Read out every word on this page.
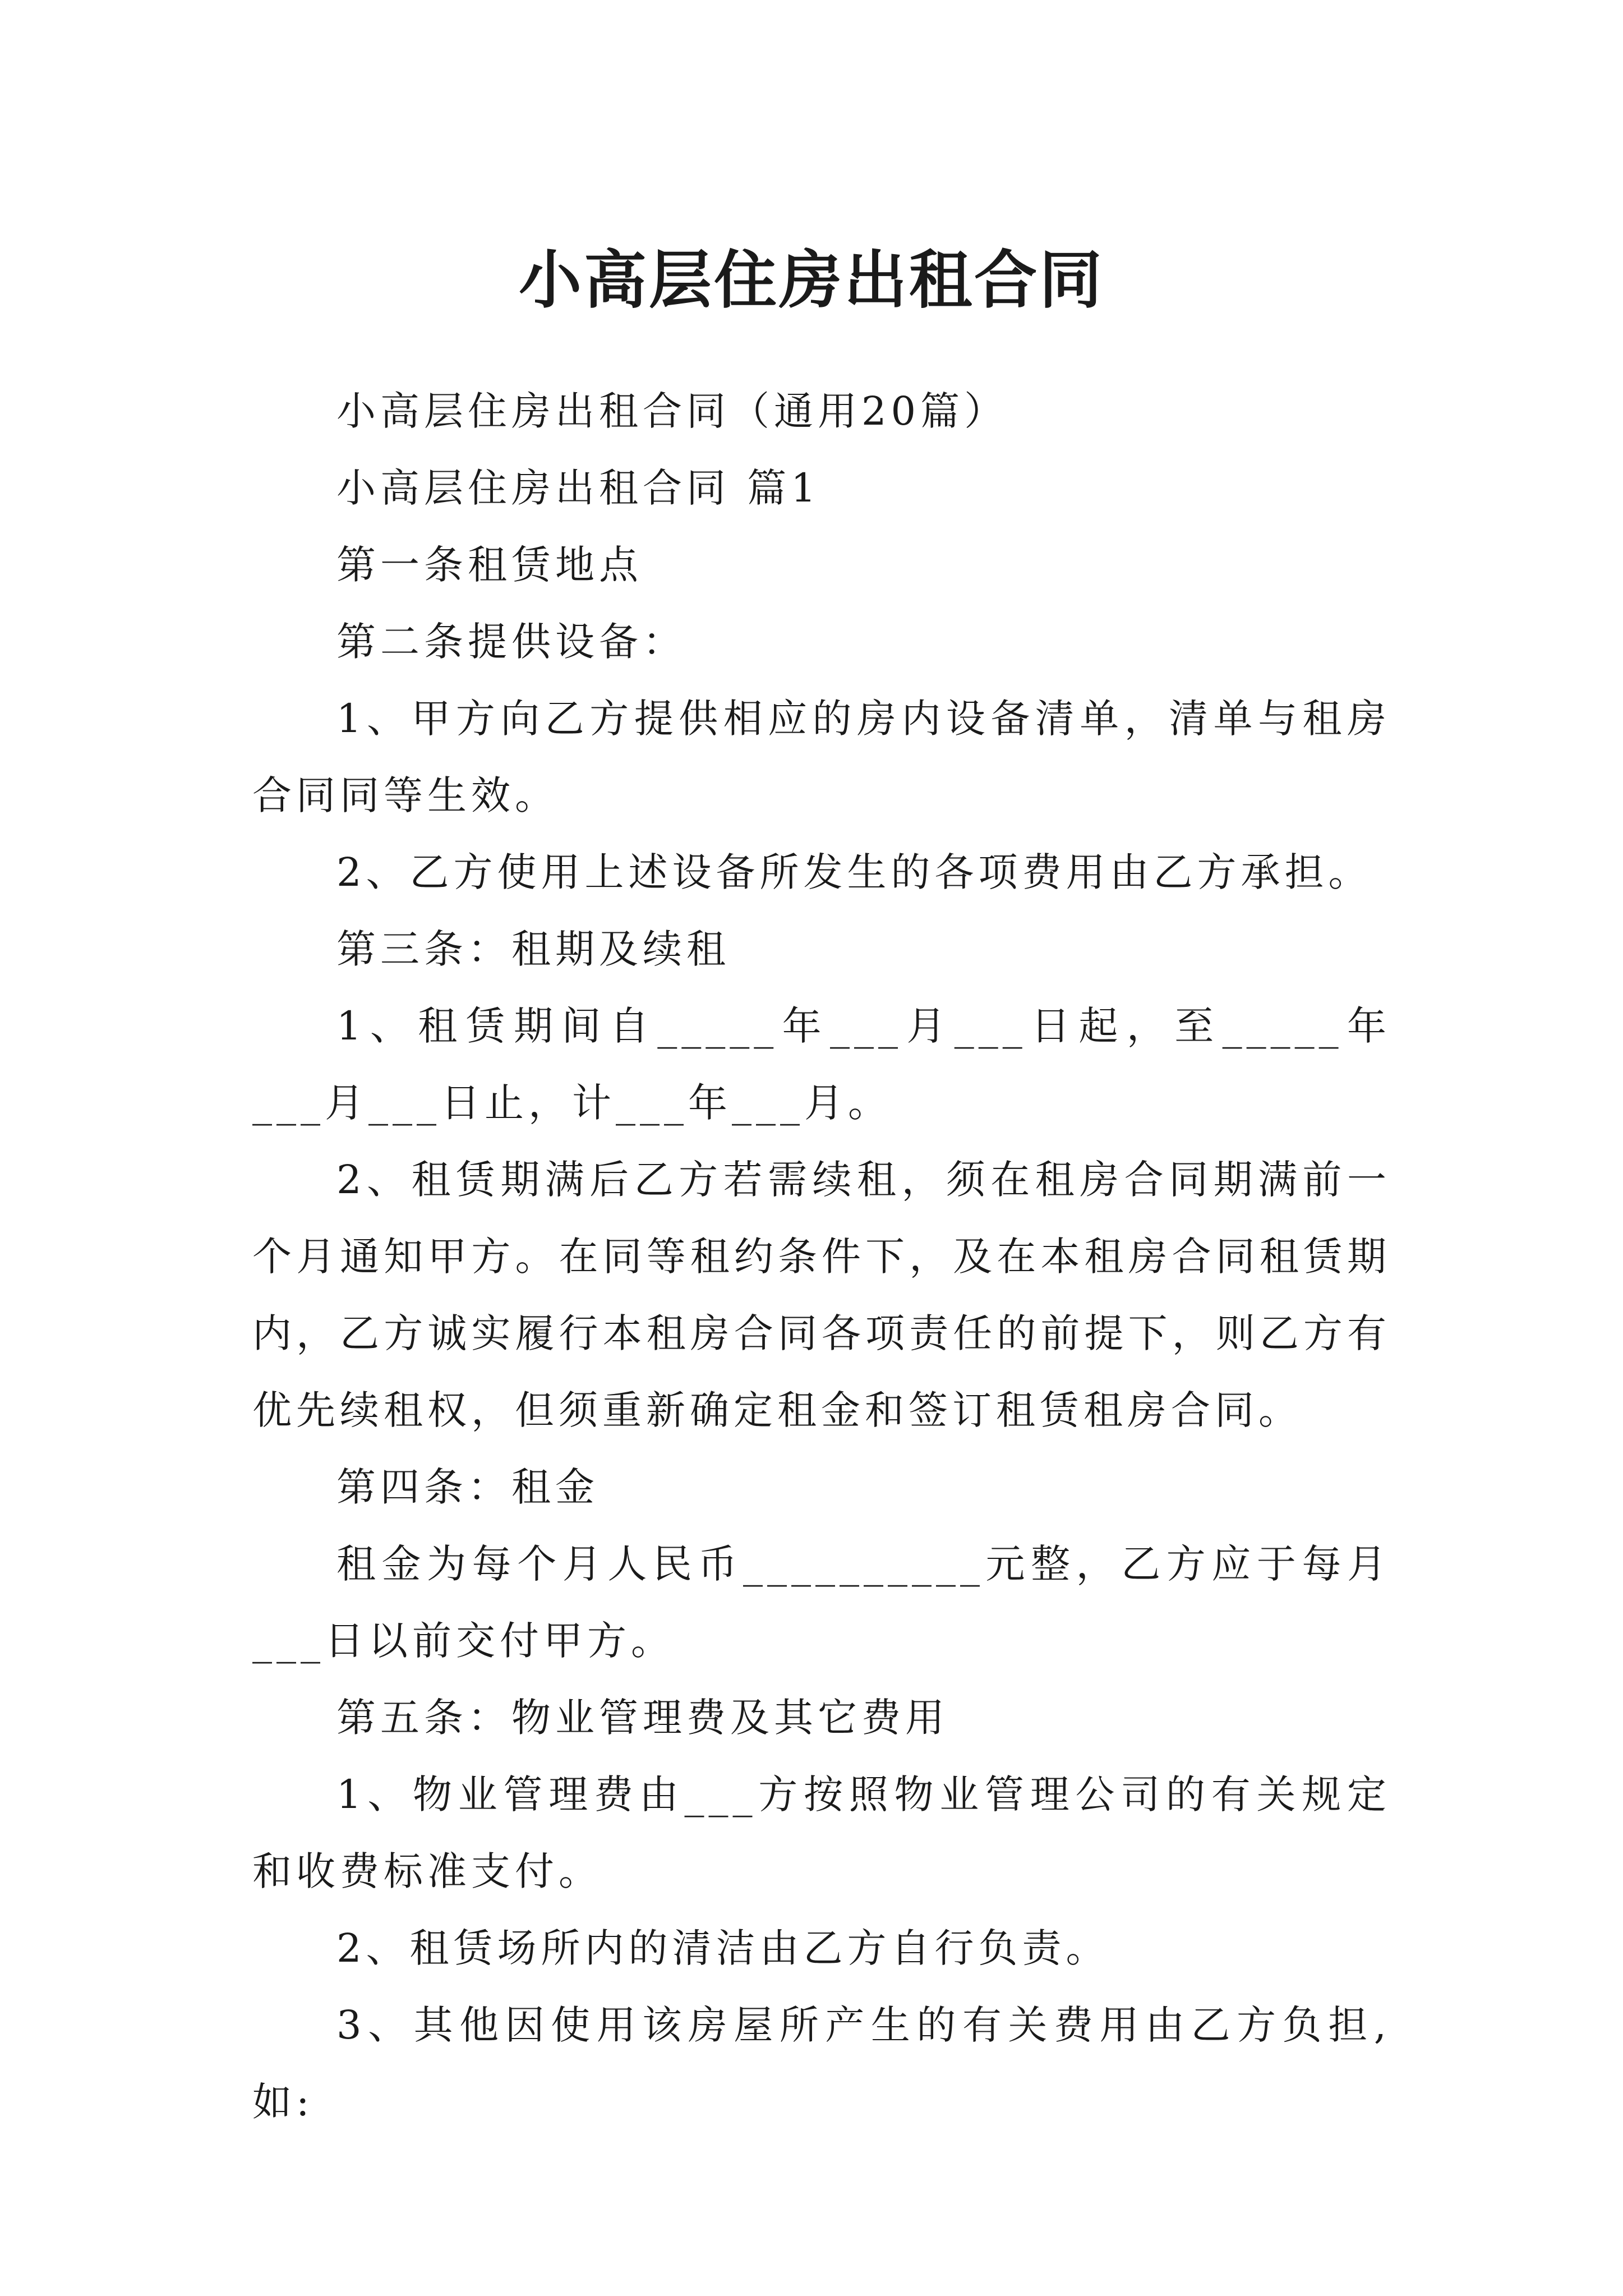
小高层住房出租合同

小高层住房出租合同（通用20篇）

小高层住房出租合同 篇1

第一条租赁地点

第二条提供设备：

1、甲方向乙方提供相应的房内设备清单，清单与租房合同同等生效。

2、乙方使用上述设备所发生的各项费用由乙方承担。

第三条：租期及续租

1、租赁期间自_____年___月___日起，至_____年___月___日止，计___年___月。

2、租赁期满后乙方若需续租，须在租房合同期满前一个月通知甲方。在同等租约条件下，及在本租房合同租赁期内，乙方诚实履行本租房合同各项责任的前提下，则乙方有优先续租权，但须重新确定租金和签订租赁租房合同。

第四条：租金

租金为每个月人民币__________元整，乙方应于每月___日以前交付甲方。

第五条：物业管理费及其它费用

1、物业管理费由___方按照物业管理公司的有关规定和收费标准支付。

2、租赁场所内的清洁由乙方自行负责。

3、其他因使用该房屋所产生的有关费用由乙方负担,如:
